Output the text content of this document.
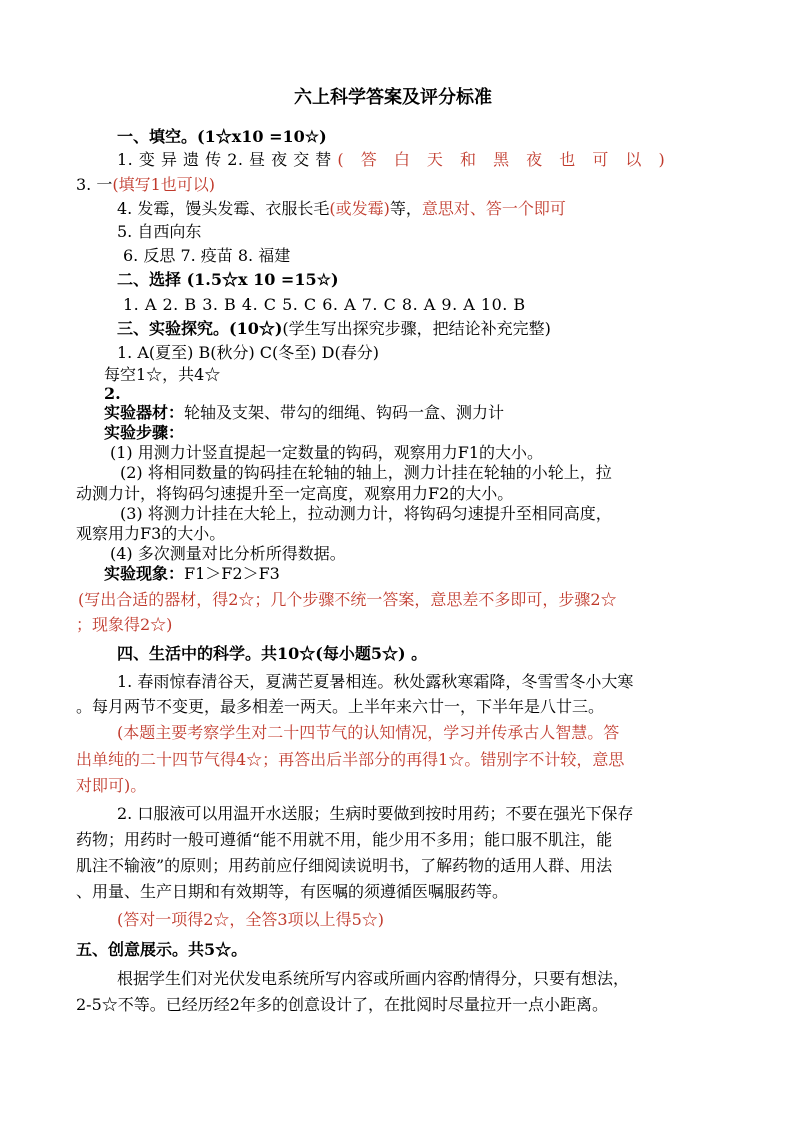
六上科学答案及评分标准
一、填空。(1☆x10 =10☆)
1. 变 异 遗 传 2. 昼 夜 交 替 ( 答 白 天 和 黑 夜 也 可 以 )
3. 一(填写1也可以)
4. 发霉，馒头发霉、衣服长毛(或发霉)等，意思对、答一个即可
5. 自西向东
6. 反思 7. 疫苗 8. 福建
二、选择 (1.5☆x 10 =15☆)
1. A 2. B 3. B 4. C 5. C 6. A 7. C 8. A 9. A 10. B
三、实验探究。(10☆)(学生写出探究步骤，把结论补充完整)
1. A(夏至) B(秋分) C(冬至) D(春分)
每空1☆，共4☆
2.
实验器材：轮轴及支架、带勾的细绳、钩码一盒、测力计
实验步骤：
(1) 用测力计竖直提起一定数量的钩码，观察用力F1的大小。
(2) 将相同数量的钩码挂在轮轴的轴上，测力计挂在轮轴的小轮上，拉
动测力计，将钩码匀速提升至一定高度，观察用力F2的大小。
(3) 将测力计挂在大轮上，拉动测力计，将钩码匀速提升至相同高度，
观察用力F3的大小。
(4) 多次测量对比分析所得数据。
实验现象：F1＞F2＞F3
(写出合适的器材，得2☆；几个步骤不统一答案，意思差不多即可，步骤2☆
；现象得2☆)
四、生活中的科学。共10☆(每小题5☆) 。
1. 春雨惊春清谷天，夏满芒夏暑相连。秋处露秋寒霜降，冬雪雪冬小大寒
。每月两节不变更，最多相差一两天。上半年来六廿一，下半年是八廿三。
(本题主要考察学生对二十四节气的认知情况，学习并传承古人智慧。答
出单纯的二十四节气得4☆；再答出后半部分的再得1☆。错别字不计较，意思
对即可)。
2. 口服液可以用温开水送服；生病时要做到按时用药；不要在强光下保存
药物；用药时一般可遵循“能不用就不用，能少用不多用；能口服不肌注，能
肌注不输液”的原则；用药前应仔细阅读说明书，了解药物的适用人群、用法
、用量、生产日期和有效期等，有医嘱的须遵循医嘱服药等。
(答对一项得2☆，全答3项以上得5☆)
五、创意展示。共5☆。
根据学生们对光伏发电系统所写内容或所画内容酌情得分，只要有想法，
2-5☆不等。已经历经2年多的创意设计了，在批阅时尽量拉开一点小距离。
